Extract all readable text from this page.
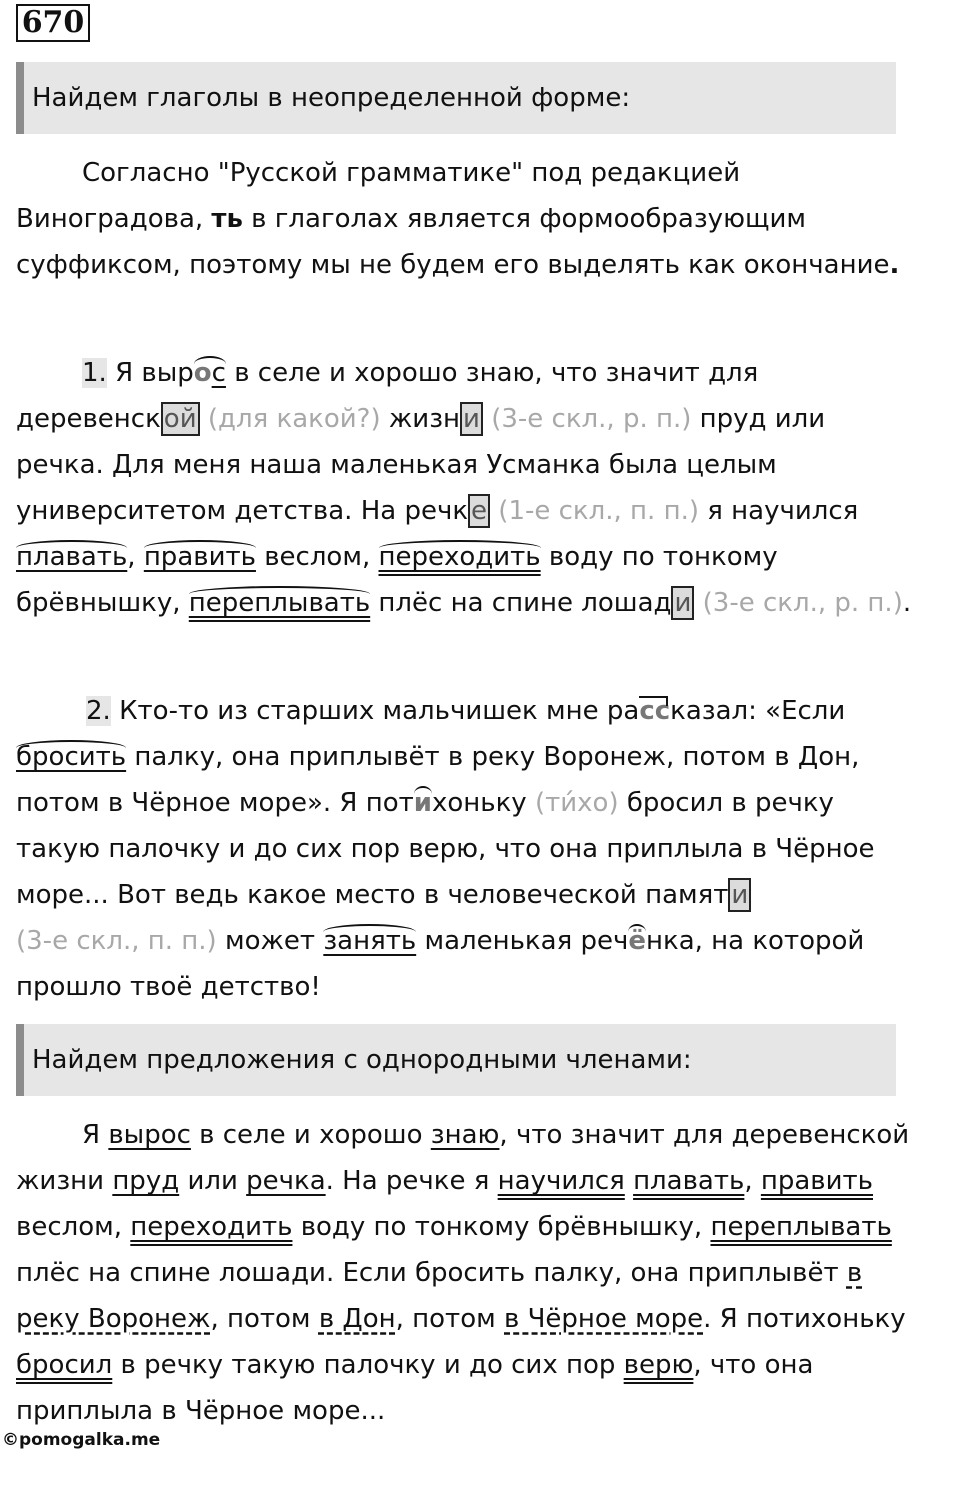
670
Найдем глаголы в неопределенной форме:
Согласно "Русской грамматике" под редакцией Виноградова, ть в глаголах является формообразующим суффиксом, поэтому мы не будем его выделять как окончание.
1. Я вырос в селе и хорошо знаю, что значит для деревенск ой (для какой?) жизн и (3-е скл., р. п.) пруд или речка. Для меня наша маленькая Усманка была целым университетом детства. На речк е (1-е скл., п. п.) я научился плавать, править веслом, переходить воду по тонкому брёвнышку, переплывать плёс на спине лошад и (3-е скл., р. п.).
2. Кто-то из старших мальчишек мне рассказал: «Если бросить палку, она приплывёт в реку Воронеж, потом в Дон, потом в Чёрное море». Я потихоньку (ти́хо) бросил в речку такую палочку и до сих пор верю, что она приплыла в Чёрное море... Вот ведь какое место в человеческой памят и
(3-е скл., п. п.) может занять маленькая речёнка, на которой прошло твоё детство!
Найдем предложения с однородными членами:
Я вырос в селе и хорошо знаю, что значит для деревенской жизни пруд или речка. На речке я научился плавать, править веслом, переходить воду по тонкому брёвнышку, переплывать плёс на спине лошади. Если бросить палку, она приплывёт в реку Воронеж, потом в Дон, потом в Чёрное море. Я потихоньку бросил в речку такую палочку и до сих пор верю, что она приплыла в Чёрное море...
©pomogalka.me
